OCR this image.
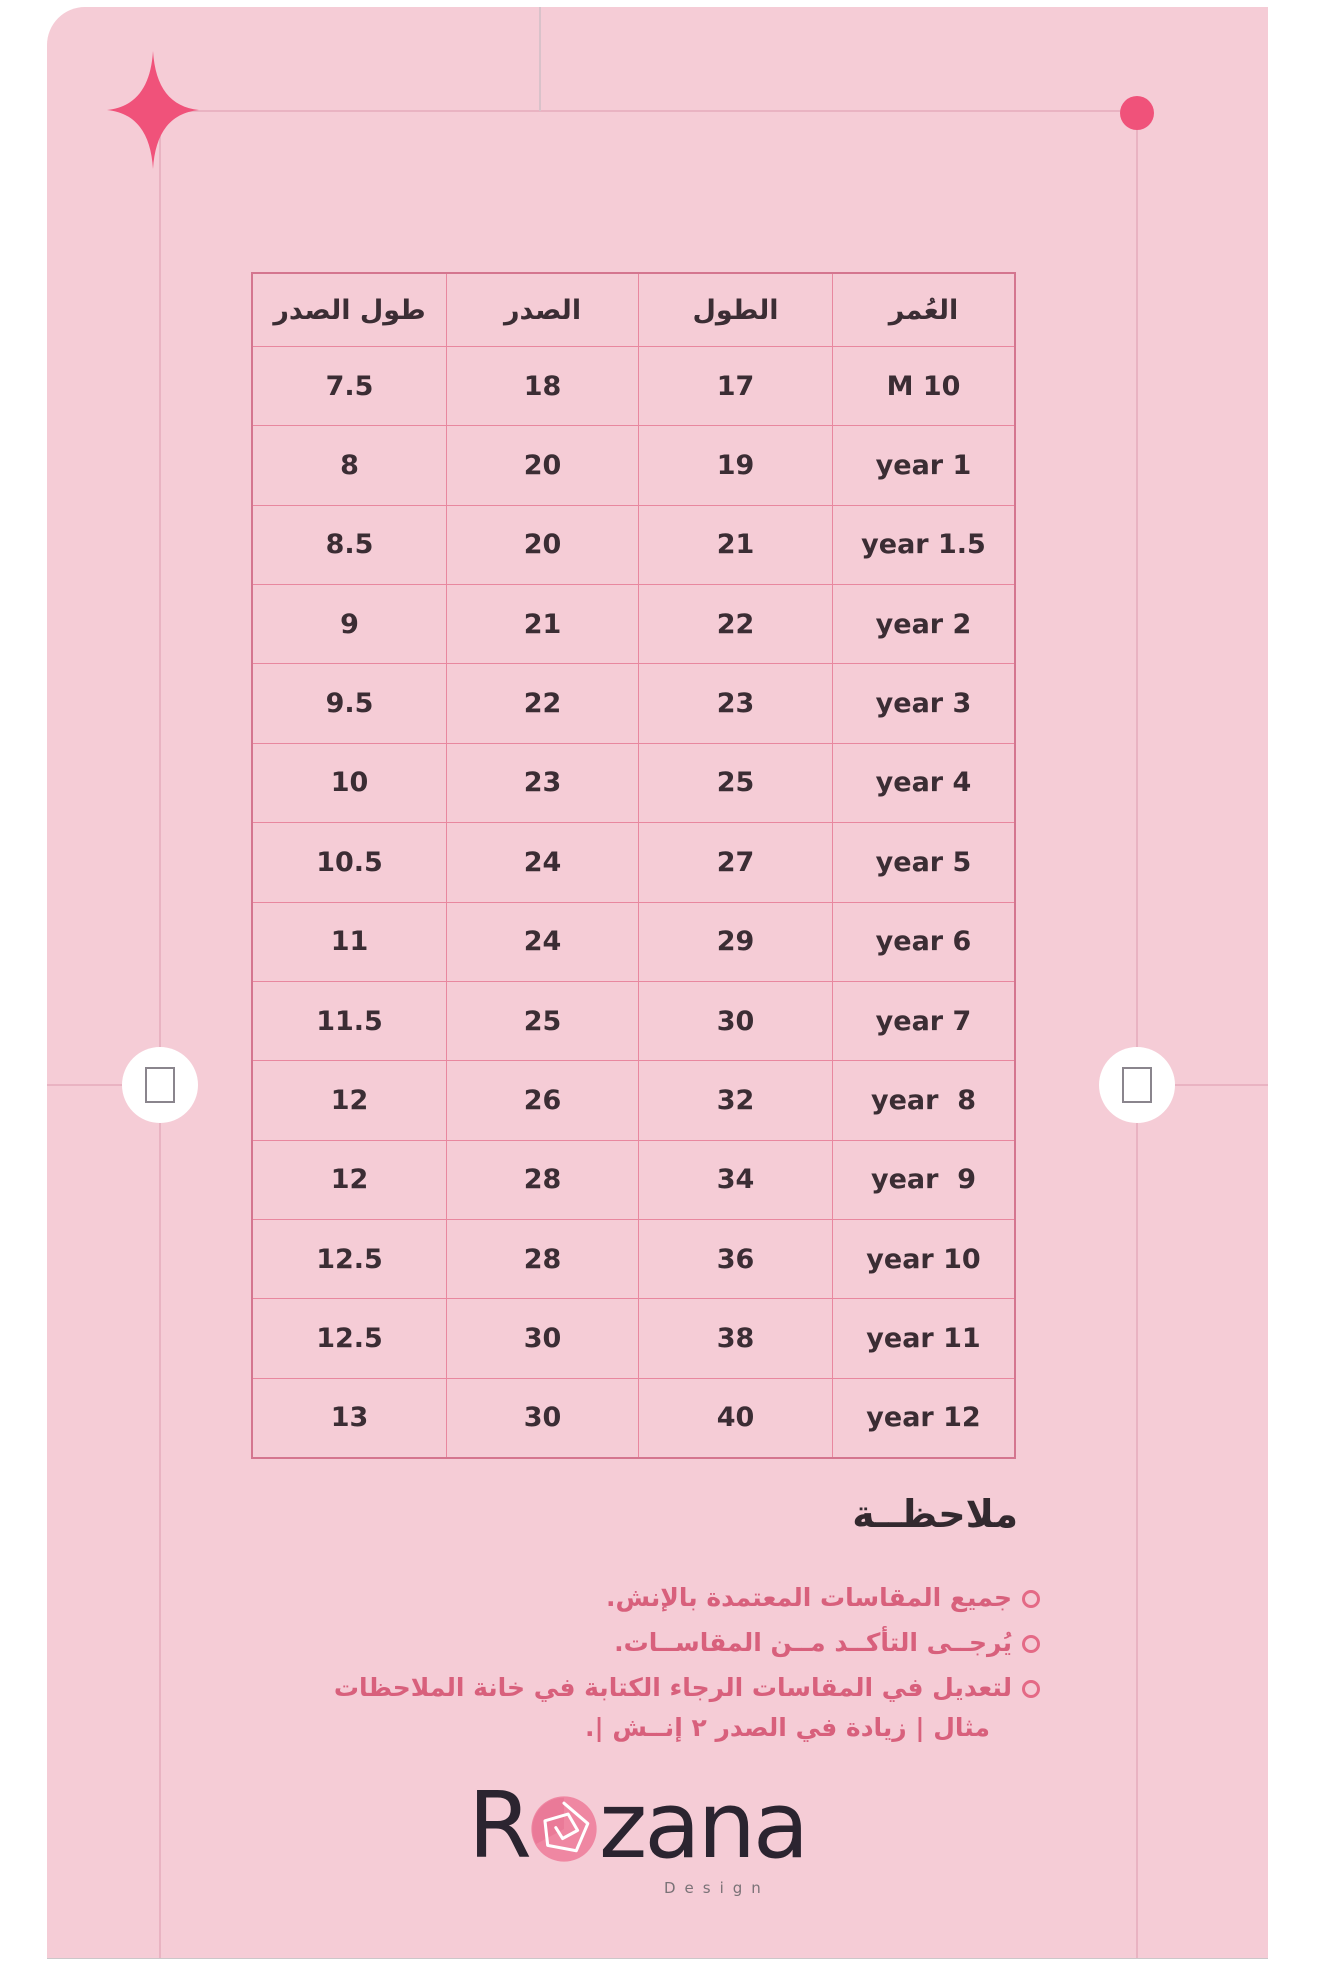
العُمر
الطول
الصدر
طول الصدر
10 M
17
18
7.5
1 year
19
20
8
1.5 year
21
20
8.5
2 year
22
21
9
3 year
23
22
9.5
4 year
25
23
10
5 year
27
24
10.5
6 year
29
24
11
7 year
30
25
11.5
8  year
32
26
12
9  year
34
28
12
10 year
36
28
12.5
11 year
38
30
12.5
12 year
40
30
13
ملاحظــة
جميع المقاسات المعتمدة بالإنش.
يُرجــى التأكــد مــن المقاســات.
لتعديل في المقاسات الرجاء الكتابة في خانة الملاحظات
مثال | زيادة في الصدر ٢ إنــش |.
R zana
Design
